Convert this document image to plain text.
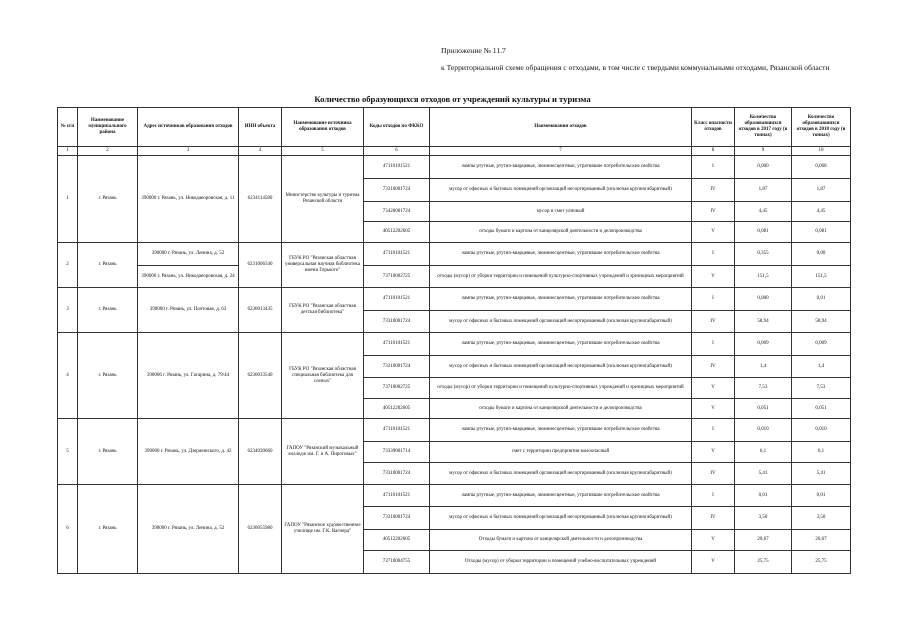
Приложение № 11.7
к Территориальной схеме обращения с отходами, в том числе с твердыми коммунальными отходами, Рязанской области
Количество образующихся отходов от учреждений культуры и туризма
№ п/п	Наименование муниципального района	Адрес источников образования отходов	ИНН объекта	Наименование источника образования отходов	Коды отходов по ФККО	Наименования отходов	Класс опасности отходов	Количество образовавшихся отходов в 2017 году (в тоннах)	Количество образовавшихся отходов в 2018 году (в тоннах)
1	2	3	4	5	6	7	8	9	10
1	г. Рязань	390000 г. Рязань, ул. Никодаеоровская, д. 11	6234114580	Министерство культуры и туризма Рязанской области	47110101521	лампы ртутные, ртутно-кварцевые, люминесцентные, утратившие потребительские свойства	I	0,000	0,068
					73310001724	мусор от офисных и бытовых помещений организаций несортированный (исключая крупногабаритный)	IV	1,87	1,87
					73420001724	мусор и смет уличный	IV	4,45	4,45
					40512202605	отходы бумаги и картона от канцелярской деятельности и делопроизводства	V	0,081	0,081
2	г. Рязань	390000 г. Рязань, ул. Ленина, д. 52	6231006340	ГБУК РО "Рязанская областная универсальная научная библиотека имени Горького"	47110101521	лампы ртутные, ртутно-кварцевые, люминесцентные, утратившие потребительские свойства	I	0,355	0,00
		390000 г. Рязань, ул. Никодаеоровская, д. 24			73710002725	отходы (мусор) от уборки территории и помещений культурно-спортивных учреждений и зрелищных мероприятий	V	151,5	151,5
3	г. Рязань	390000 г. Рязань, ул. Почтовая, д. 63	6230013435	ГБУК РО "Рязанская областная детская библиотека"	47110101521	лампы ртутные, ртутно-кварцевые, люминесцентные, утратившие потребительские свойства	I	0,000	0,01
					73310001724	мусор от офисных и бытовых помещений организаций несортированный (исключая крупногабаритный)	IV	58,94	58,94
4	г. Рязань	390006 г. Рязань, ул. Гагарина, д. 79/44	6230033540	ГБУК РО "Рязанская областная специальная библиотека для слепых"	47110101521	лампы ртутные, ртутно-кварцевые, люминесцентные, утратившие потребительские свойства	I	0,009	0,009
					73310001724	мусор от офисных и бытовых помещений организаций несортированный (исключая крупногабаритный)	IV	1,4	1,4
					73710002725	отходы (мусор) от уборки территории и помещений культурно-спортивных учреждений и зрелищных мероприятий	V	7,53	7,53
					40512202605	отходы бумаги и картона от канцелярской деятельности и делопроизводства	V	0,051	0,051
5	г. Рязань	390000 г. Рязань, ул. Дзержинского, д. 42	6234030660	ГАПОУ "Рязанский музыкальный колледж им. Г. и А. Пироговых"	47110101521	лампы ртутные, ртутно-кварцевые, люминесцентные, утратившие потребительские свойства	I	0,010	0,010
					73339001714	смет с территории предприятия малоопасный	V	6,1	6,1
					73310001724	мусор от офисных и бытовых помещений организаций несортированный (исключая крупногабаритный)	IV	5,41	5,41
6	г. Рязань	390000 г. Рязань, ул. Ленина, д. 52	6230055980	ГАПОУ "Рязанское художественное училище им. Г.К. Вагнера"	47110101521	лампы ртутные, ртутно-кварцевые, люминесцентные, утратившие потребительские свойства	I	0,01	0,01
					73310001724	мусор от офисных и бытовых помещений организаций несортированный (исключая крупногабаритный)	IV	3,50	3,50
					40512202605	Отходы бумаги и картона от канцелярской деятельности и делопроизводства	V	20,67	20,67
					73710004755	Отходы (мусор) от уборки территории и помещений учебно-воспитательных учреждений	V	25,75	25,75
